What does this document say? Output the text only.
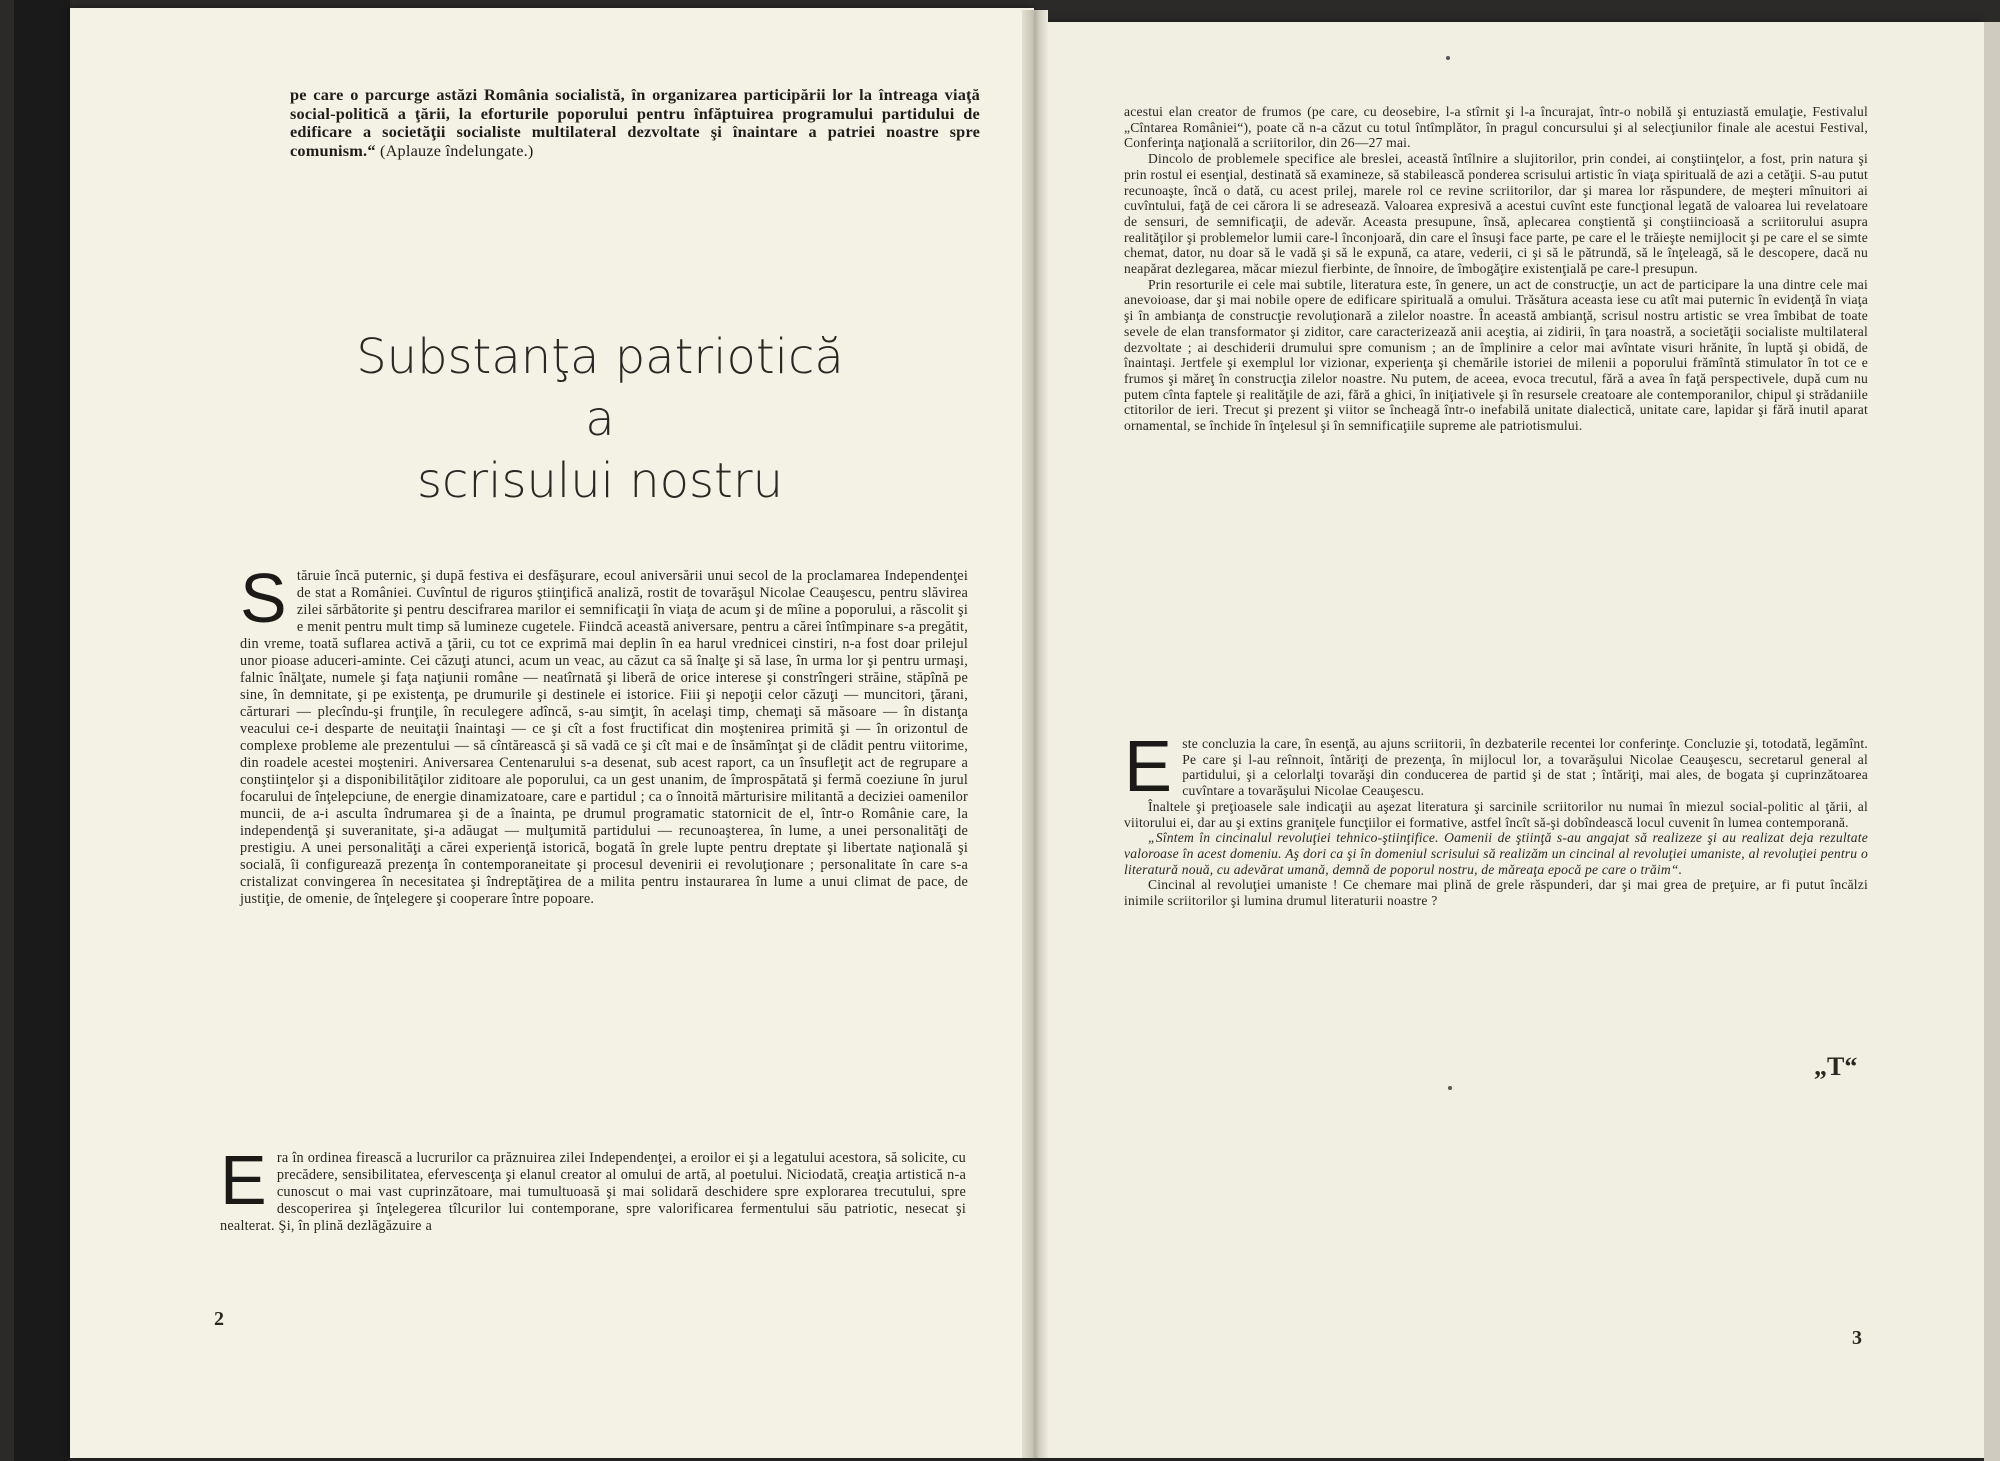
pe care o parcurge astăzi România socialistă, în organizarea participării lor la întreaga viaţă social-politică a ţării, la eforturile poporului pentru înfăptuirea programului partidului de edificare a societăţii socialiste multilateral dezvoltate şi înaintare a patriei noastre spre comunism.“ (Aplauze îndelungate.)
Substanţa patriotică
a
scrisului nostru
S tăruie încă puternic, şi după festiva ei desfăşurare, ecoul aniversării unui secol de la proclamarea Independenţei de stat a României. Cuvîntul de riguros ştiinţifică analiză, rostit de tovarăşul Nicolae Ceauşescu, pentru slăvirea zilei sărbătorite şi pentru descifrarea marilor ei semnificaţii în viaţa de acum şi de mîine a poporului, a răscolit şi e menit pentru mult timp să lumineze cugetele. Fiindcă această aniversare, pentru a cărei întîmpinare s-a pregătit, din vreme, toată suflarea activă a ţării, cu tot ce exprimă mai deplin în ea harul vrednicei cinstiri, n-a fost doar prilejul unor pioase aduceri-aminte. Cei căzuţi atunci, acum un veac, au căzut ca să înalţe şi să lase, în urma lor şi pentru urmaşi, falnic înălţate, numele şi faţa naţiunii române — neatîrnată şi liberă de orice interese şi constrîngeri străine, stăpînă pe sine, în demnitate, şi pe existenţa, pe drumurile şi destinele ei istorice. Fiii şi nepoţii celor căzuţi — muncitori, ţărani, cărturari — plecîndu-şi frunţile, în reculegere adîncă, s-au simţit, în acelaşi timp, chemaţi să măsoare — în distanţa veacului ce-i desparte de neuitaţii înaintaşi — ce şi cît a fost fructificat din moştenirea primită şi — în orizontul de complexe probleme ale prezentului — să cîntărească şi să vadă ce şi cît mai e de însămînţat şi de clădit pentru viitorime, din roadele acestei moşteniri. Aniversarea Centenarului s-a desenat, sub acest raport, ca un însufleţit act de regrupare a conştiinţelor şi a disponibilităţilor ziditoare ale poporului, ca un gest unanim, de împrospătată şi fermă coeziune în jurul focarului de înţelepciune, de energie dinamizatoare, care e partidul ; ca o înnoită mărturisire militantă a deciziei oamenilor muncii, de a-i asculta îndrumarea şi de a înainta, pe drumul programatic statornicit de el, într-o Românie care, la independenţă şi suveranitate, şi-a adăugat — mulţumită partidului — recunoaşterea, în lume, a unei personalităţi de prestigiu. A unei personalităţi a cărei experienţă istorică, bogată în grele lupte pentru dreptate şi libertate naţională şi socială, îi configurează prezenţa în contemporaneitate şi procesul devenirii ei revoluţionare ; personalitate în care s-a cristalizat convingerea în necesitatea şi îndreptăţirea de a milita pentru instaurarea în lume a unui climat de pace, de justiţie, de omenie, de înţelegere şi cooperare între popoare.
E ra în ordinea firească a lucrurilor ca prăznuirea zilei Independenţei, a eroilor ei şi a legatului acestora, să solicite, cu precădere, sensibilitatea, efervescenţa şi elanul creator al omului de artă, al poetului. Niciodată, creaţia artistică n-a cunoscut o mai vast cuprinzătoare, mai tumultuoasă şi mai solidară deschidere spre explorarea trecutului, spre descoperirea şi înţelegerea tîlcurilor lui contemporane, spre valorificarea fermentului său patriotic, nesecat şi nealterat. Şi, în plină dezlăgăzuire a
2

acestui elan creator de frumos (pe care, cu deosebire, l-a stîrnit şi l-a încurajat, într-o nobilă şi entuziastă emulaţie, Festivalul „Cîntarea României“), poate că n-a căzut cu totul întîmplător, în pragul concursului şi al selecţiunilor finale ale acestui Festival, Conferinţa naţională a scriitorilor, din 26—27 mai.

Dincolo de problemele specifice ale breslei, această întîlnire a slujitorilor, prin condei, ai conştiinţelor, a fost, prin natura şi prin rostul ei esenţial, destinată să examineze, să stabilească ponderea scrisului artistic în viaţa spirituală de azi a cetăţii. S-au putut recunoaşte, încă o dată, cu acest prilej, marele rol ce revine scriitorilor, dar şi marea lor răspundere, de meşteri mînuitori ai cuvîntului, faţă de cei cărora li se adresează. Valoarea expresivă a acestui cuvînt este funcţional legată de valoarea lui revelatoare de sensuri, de semnificaţii, de adevăr. Aceasta presupune, însă, aplecarea conştientă şi conştiincioasă a scriitorului asupra realităţilor şi problemelor lumii care-l înconjoară, din care el însuşi face parte, pe care el le trăieşte nemijlocit şi pe care el se simte chemat, dator, nu doar să le vadă şi să le expună, ca atare, vederii, ci şi să le pătrundă, să le înţeleagă, să le descopere, dacă nu neapărat dezlegarea, măcar miezul fierbinte, de înnoire, de îmbogăţire existenţială pe care-l presupun.

Prin resorturile ei cele mai subtile, literatura este, în genere, un act de construcţie, un act de participare la una dintre cele mai anevoioase, dar şi mai nobile opere de edificare spirituală a omului. Trăsătura aceasta iese cu atît mai puternic în evidenţă în viaţa şi în ambianţa de construcţie revoluţionară a zilelor noastre. În această ambianţă, scrisul nostru artistic se vrea îmbibat de toate sevele de elan transformator şi ziditor, care caracterizează anii aceştia, ai zidirii, în ţara noastră, a societăţii socialiste multilateral dezvoltate ; ai deschiderii drumului spre comunism ; an de împlinire a celor mai avîntate visuri hrănite, în luptă şi obidă, de înaintaşi. Jertfele şi exemplul lor vizionar, experienţa şi chemările istoriei de milenii a poporului frămîntă stimulator în tot ce e frumos şi măreţ în construcţia zilelor noastre. Nu putem, de aceea, evoca trecutul, fără a avea în faţă perspectivele, după cum nu putem cînta faptele şi realităţile de azi, fără a ghici, în iniţiativele şi în resursele creatoare ale contemporanilor, chipul şi strădaniile ctitorilor de ieri. Trecut şi prezent şi viitor se încheagă într-o inefabilă unitate dialectică, unitate care, lapidar şi fără inutil aparat ornamental, se închide în înţelesul şi în semnificaţiile supreme ale patriotismului.

E ste concluzia la care, în esenţă, au ajuns scriitorii, în dezbaterile recentei lor conferinţe. Concluzie şi, totodată, legămînt. Pe care şi l-au reînnoit, întăriţi de prezenţa, în mijlocul lor, a tovarăşului Nicolae Ceauşescu, secretarul general al partidului, şi a celorlalţi tovarăşi din conducerea de partid şi de stat ; întăriţi, mai ales, de bogata şi cuprinzătoarea cuvîntare a tovarăşului Nicolae Ceauşescu.

Înaltele şi preţioasele sale indicaţii au aşezat literatura şi sarcinile scriitorilor nu numai în miezul social-politic al ţării, al viitorului ei, dar au şi extins graniţele funcţiilor ei formative, astfel încît să-şi dobîndească locul cuvenit în lumea contemporană.

„Sîntem în cincinalul revoluţiei tehnico-ştiinţifice. Oamenii de ştiinţă s-au angajat să realizeze şi au realizat deja rezultate valoroase în acest domeniu. Aş dori ca şi în domeniul scrisului să realizăm un cincinal al revoluţiei umaniste, al revoluţiei pentru o literatură nouă, cu adevărat umană, demnă de poporul nostru, de măreaţa epocă pe care o trăim“.

Cincinal al revoluţiei umaniste ! Ce chemare mai plină de grele răspunderi, dar şi mai grea de preţuire, ar fi putut încălzi inimile scriitorilor şi lumina drumul literaturii noastre ?

„T“
3
